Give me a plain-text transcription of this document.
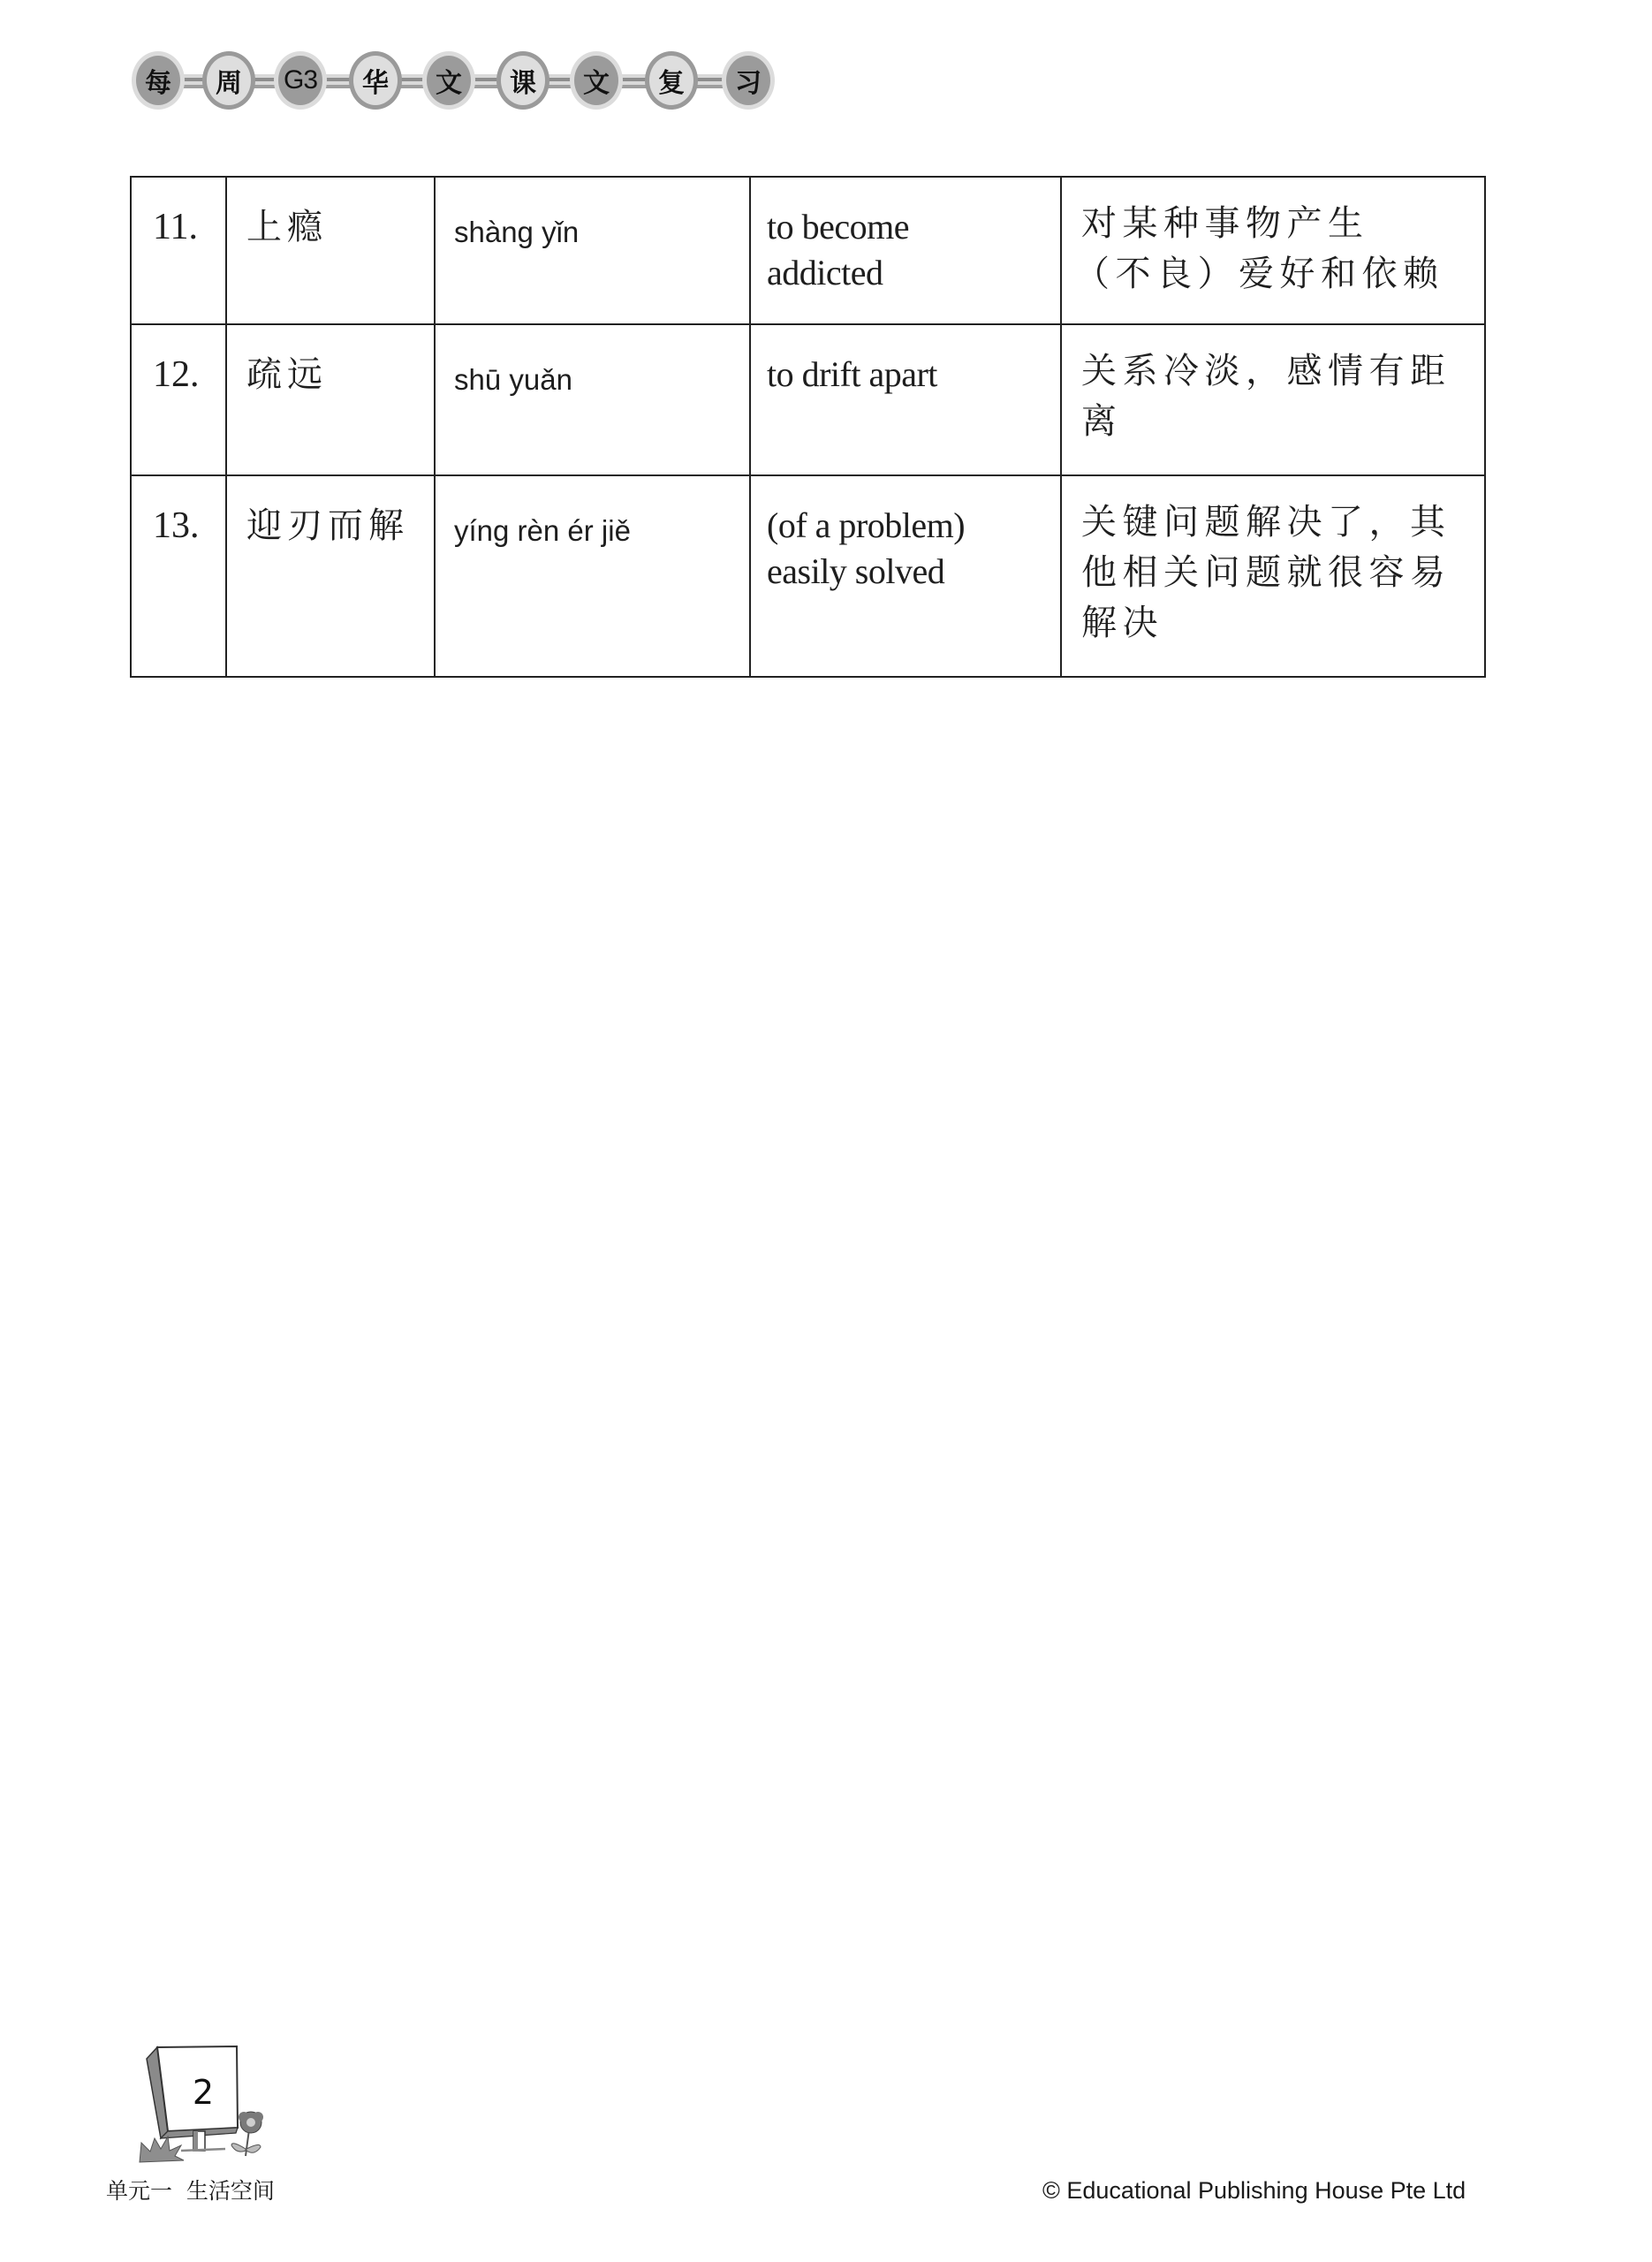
每 周 G3 华 文 课 文 复 习
11.	上瘾	shàng yǐn	to become
addicted	对某种事物产生
（不良）爱好和依赖

12.	疏远	shū yuǎn	to drift apart	关系冷淡，感情有距
离

13.	迎刃而解	yíng rèn ér jiě	(of a problem)
easily solved	关键问题解决了，其
他相关问题就很容易
解决
2
单元一  生活空间	© Educational Publishing House Pte Ltd
